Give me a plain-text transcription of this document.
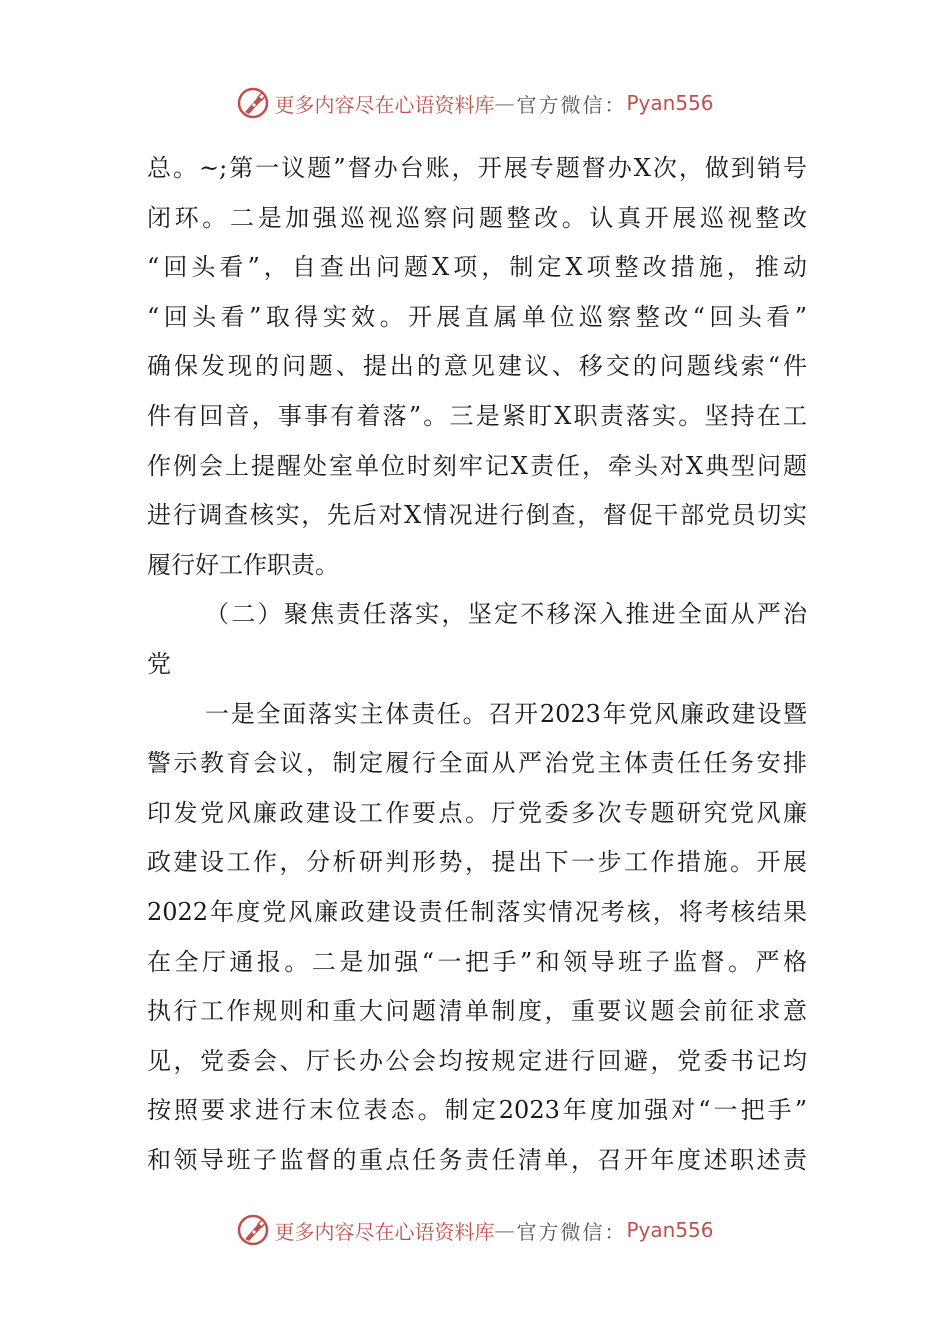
更多内容尽在心语资料库 — 官方微信： Pyan556
总。~;第一议题”督办台账，开展专题督办X次，做到销号
闭环。二是加强巡视巡察问题整改。认真开展巡视整改
“回头看”，自查出问题X项，制定X项整改措施，推动
“回头看”取得实效。开展直属单位巡察整改“回头看”
确保发现的问题、提出的意见建议、移交的问题线索“件
件有回音，事事有着落”。三是紧盯X职责落实。坚持在工
作例会上提醒处室单位时刻牢记X责任，牵头对X典型问题
进行调查核实，先后对X情况进行倒查，督促干部党员切实
履行好工作职责。
（二）聚焦责任落实，坚定不移深入推进全面从严治
党
一是全面落实主体责任。召开2023年党风廉政建设暨
警示教育会议，制定履行全面从严治党主体责任任务安排
印发党风廉政建设工作要点。厅党委多次专题研究党风廉
政建设工作，分析研判形势，提出下一步工作措施。开展
2022年度党风廉政建设责任制落实情况考核，将考核结果
在全厅通报。二是加强“一把手”和领导班子监督。严格
执行工作规则和重大问题清单制度，重要议题会前征求意
见，党委会、厅长办公会均按规定进行回避，党委书记均
按照要求进行末位表态。制定2023年度加强对“一把手”
和领导班子监督的重点任务责任清单，召开年度述职述责
更多内容尽在心语资料库 — 官方微信： Pyan556
